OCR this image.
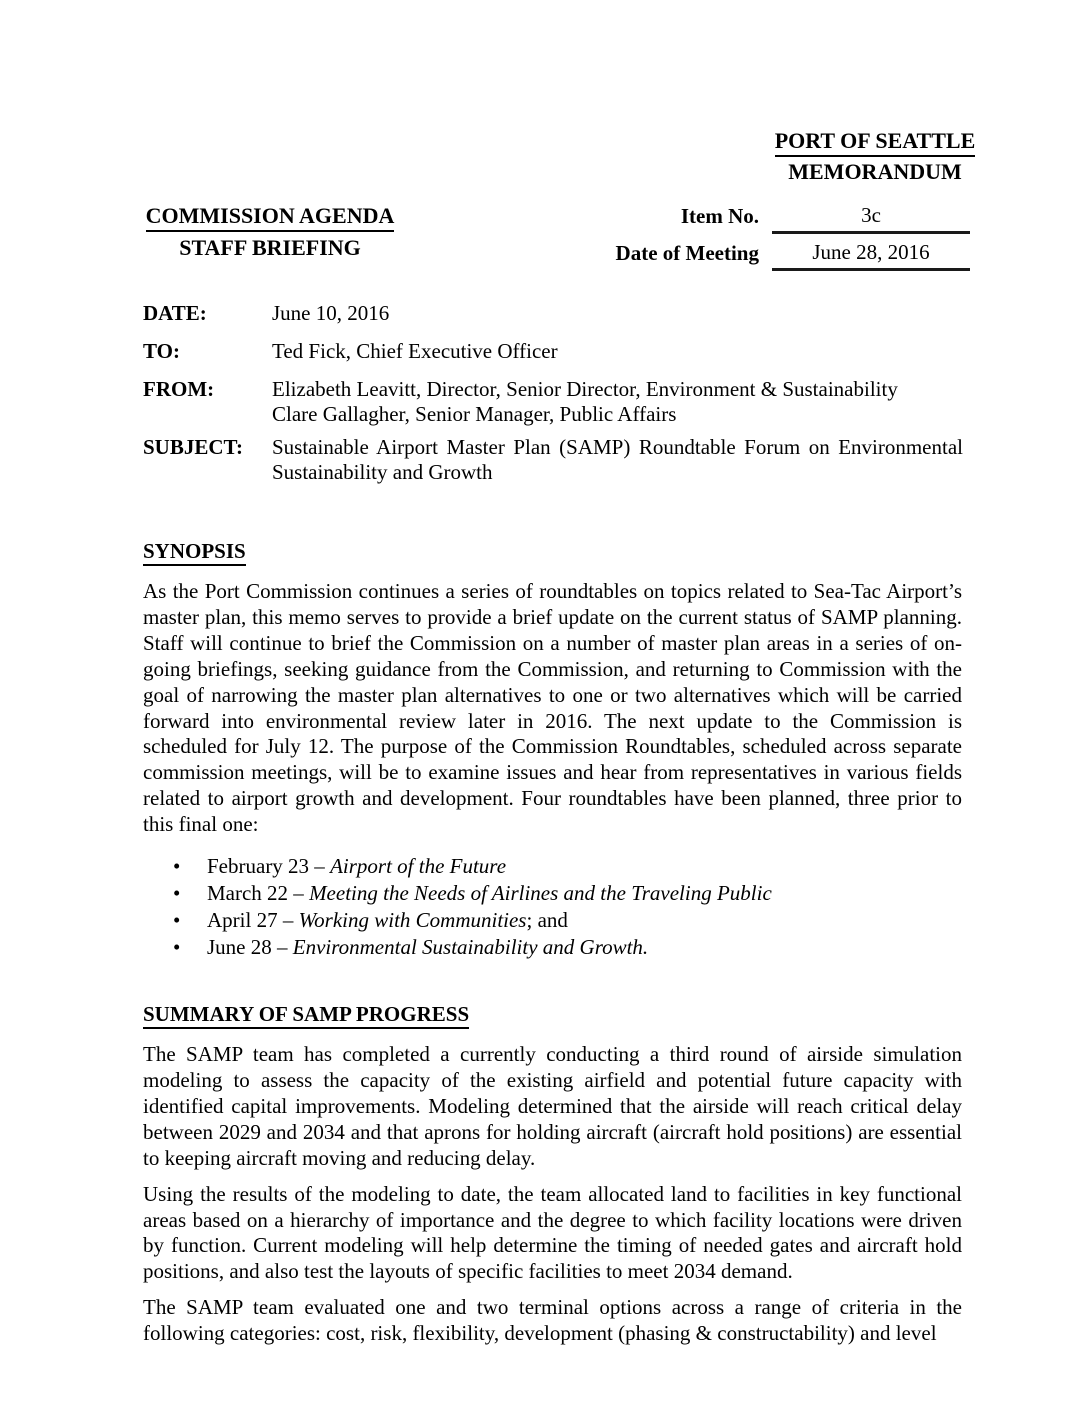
PORT OF SEATTLE
MEMORANDUM
COMMISSION AGENDA
STAFF BRIEFING
Item No.	3c
Date of Meeting	June 28, 2016
DATE:	June 10, 2016
TO:	Ted Fick, Chief Executive Officer
FROM:	Elizabeth Leavitt, Director, Senior Director, Environment & Sustainability
Clare Gallagher, Senior Manager, Public Affairs
SUBJECT:	Sustainable Airport Master Plan (SAMP) Roundtable Forum on Environmental Sustainability and Growth
SYNOPSIS

As the Port Commission continues a series of roundtables on topics related to Sea-Tac Airport’s master plan, this memo serves to provide a brief update on the current status of SAMP planning. Staff will continue to brief the Commission on a number of master plan areas in a series of on-going briefings, seeking guidance from the Commission, and returning to Commission with the goal of narrowing the master plan alternatives to one or two alternatives which will be carried forward into environmental review later in 2016. The next update to the Commission is scheduled for July 12. The purpose of the Commission Roundtables, scheduled across separate commission meetings, will be to examine issues and hear from representatives in various fields related to airport growth and development. Four roundtables have been planned, three prior to this final one:

• February 23 – Airport of the Future
• March 22 – Meeting the Needs of Airlines and the Traveling Public
• April 27 – Working with Communities; and
• June 28 – Environmental Sustainability and Growth.
SUMMARY OF SAMP PROGRESS

The SAMP team has completed a currently conducting a third round of airside simulation modeling to assess the capacity of the existing airfield and potential future capacity with identified capital improvements. Modeling determined that the airside will reach critical delay between 2029 and 2034 and that aprons for holding aircraft (aircraft hold positions) are essential to keeping aircraft moving and reducing delay.

Using the results of the modeling to date, the team allocated land to facilities in key functional areas based on a hierarchy of importance and the degree to which facility locations were driven by function. Current modeling will help determine the timing of needed gates and aircraft hold positions, and also test the layouts of specific facilities to meet 2034 demand.

The SAMP team evaluated one and two terminal options across a range of criteria in the following categories: cost, risk, flexibility, development (phasing & constructability) and level
